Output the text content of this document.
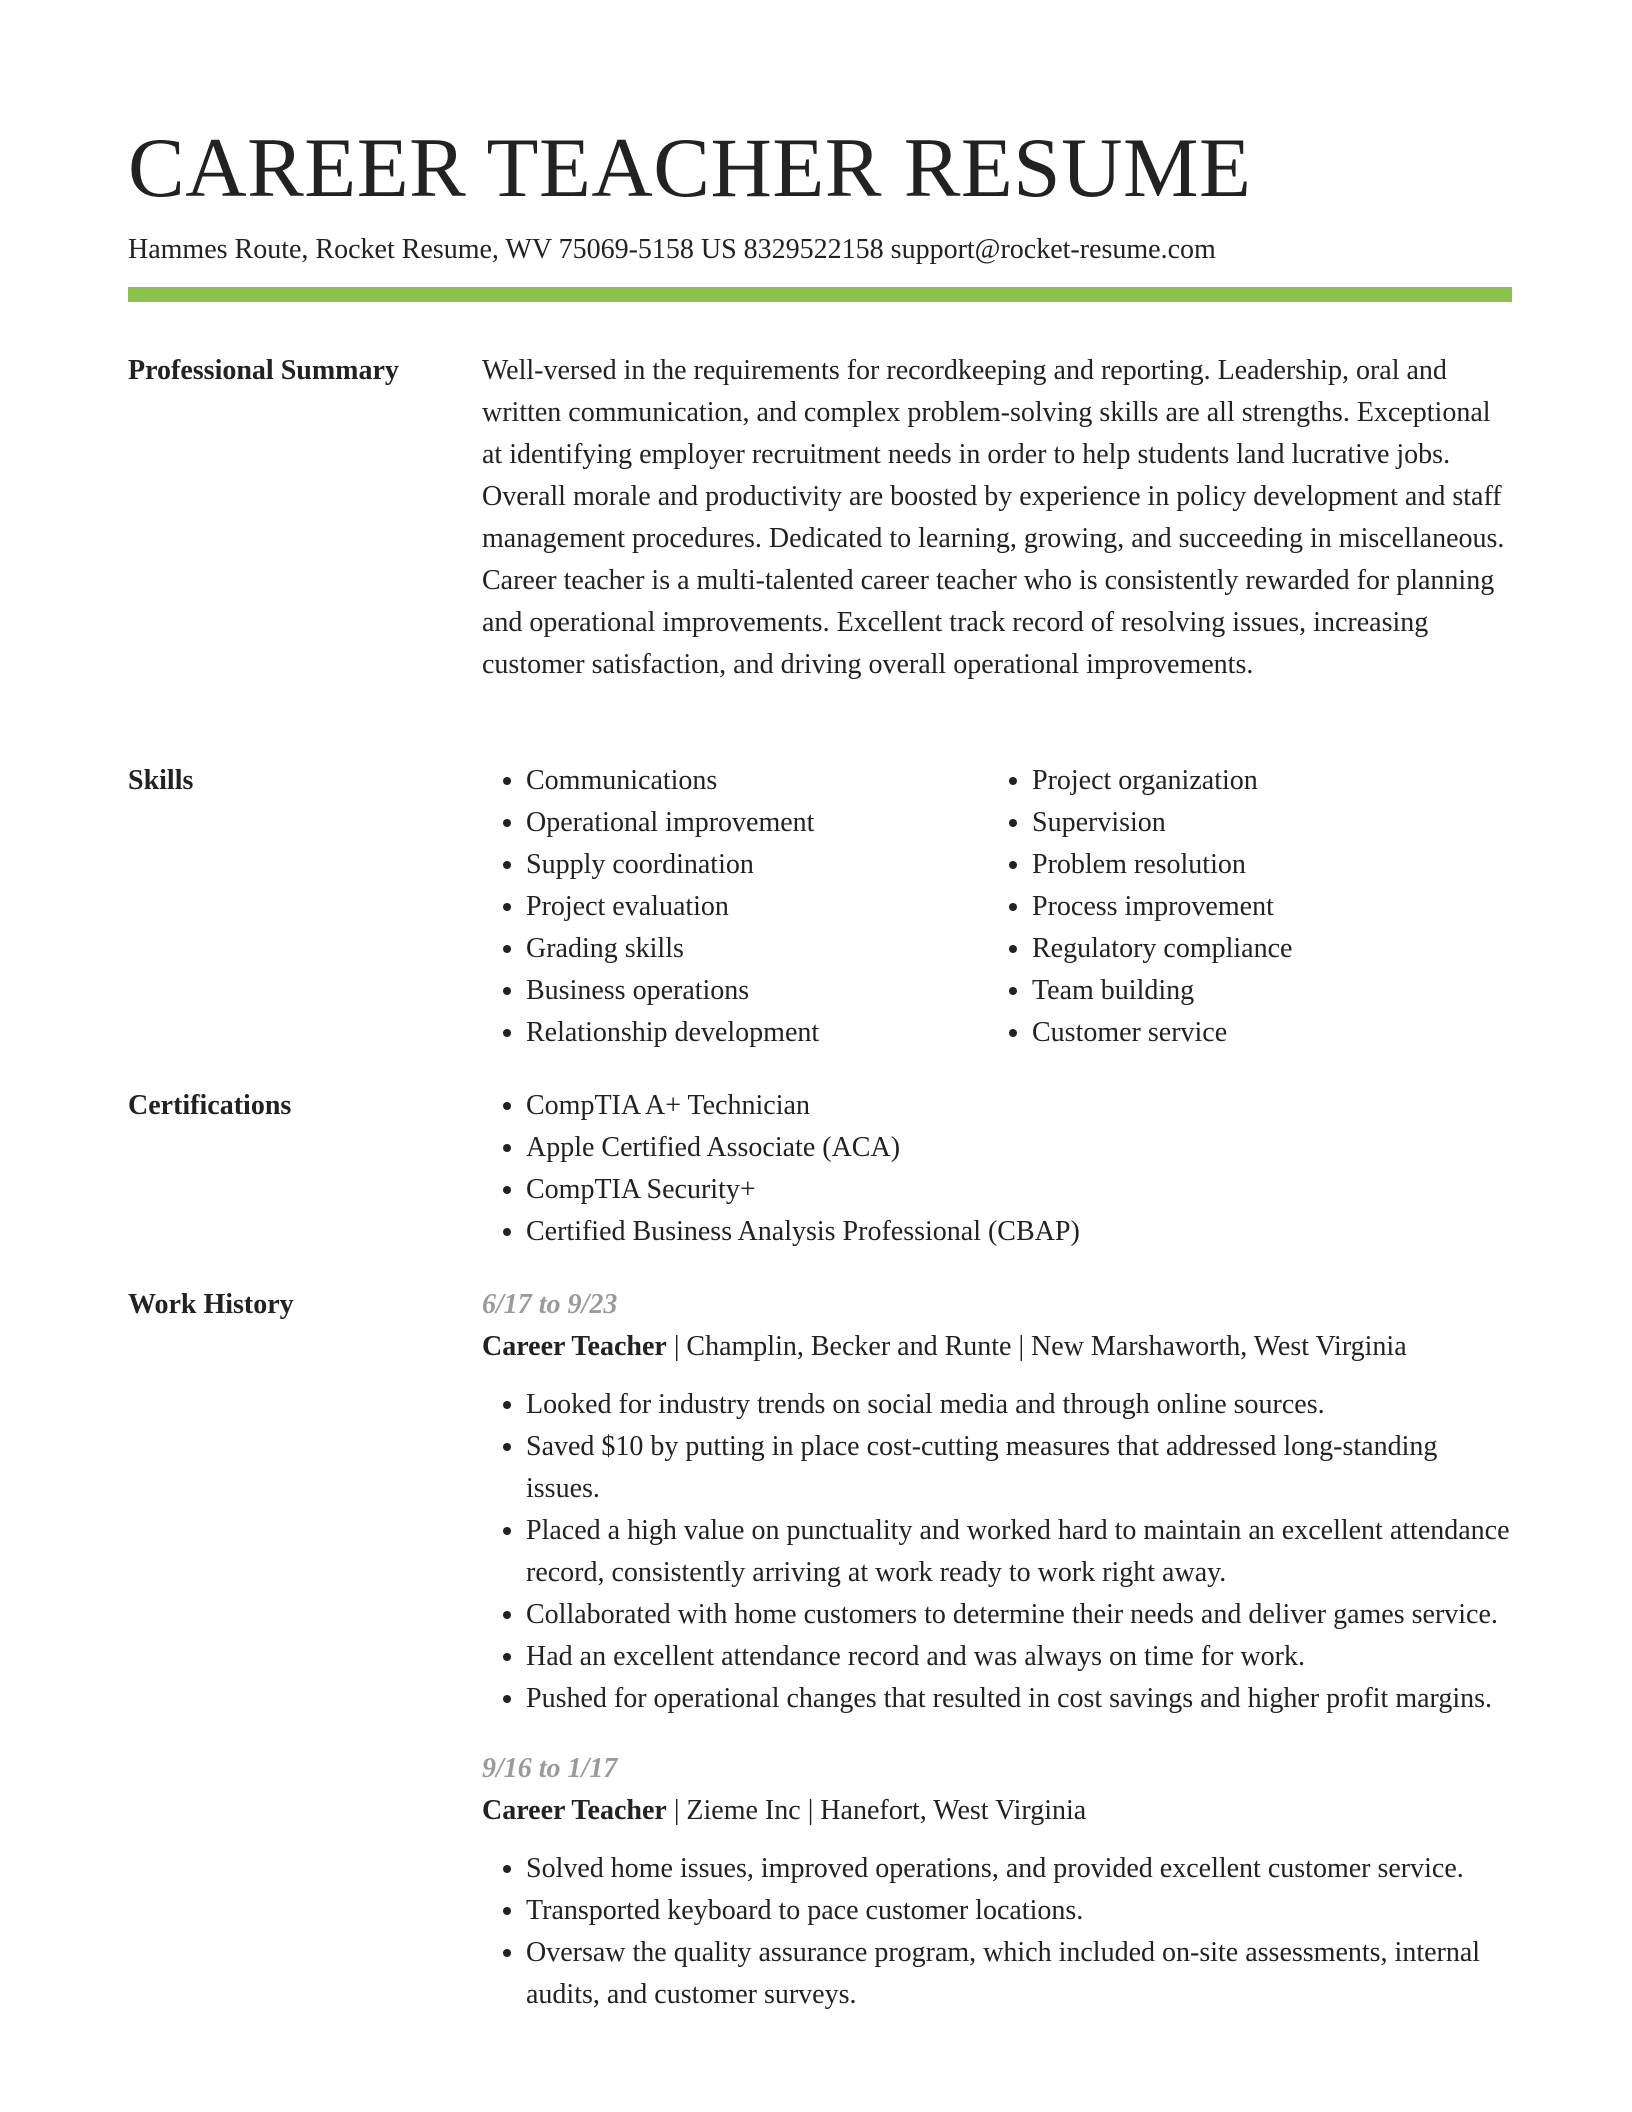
CAREER TEACHER RESUME
Hammes Route, Rocket Resume, WV 75069-5158 US 8329522158 support@rocket-resume.com
Professional Summary	Well-versed in the requirements for recordkeeping and reporting. Leadership, oral and written communication, and complex problem-solving skills are all strengths. Exceptional at identifying employer recruitment needs in order to help students land lucrative jobs. Overall morale and productivity are boosted by experience in policy development and staff management procedures. Dedicated to learning, growing, and succeeding in miscellaneous. Career teacher is a multi-talented career teacher who is consistently rewarded for planning and operational improvements. Excellent track record of resolving issues, increasing customer satisfaction, and driving overall operational improvements.

Skills	• Communications
• Operational improvement
• Supply coordination
• Project evaluation
• Grading skills
• Business operations
• Relationship development
• Project organization
• Supervision
• Problem resolution
• Process improvement
• Regulatory compliance
• Team building
• Customer service
Certifications	• CompTIA A+ Technician
• Apple Certified Associate (ACA)
• CompTIA Security+
• Certified Business Analysis Professional (CBAP)
Work History	6/17 to 9/23
Career Teacher | Champlin, Becker and Runte | New Marshaworth, West Virginia
• Looked for industry trends on social media and through online sources.
• Saved $10 by putting in place cost-cutting measures that addressed long-standing issues.
• Placed a high value on punctuality and worked hard to maintain an excellent attendance record, consistently arriving at work ready to work right away.
• Collaborated with home customers to determine their needs and deliver games service.
• Had an excellent attendance record and was always on time for work.
• Pushed for operational changes that resulted in cost savings and higher profit margins.
9/16 to 1/17
Career Teacher | Zieme Inc | Hanefort, West Virginia
• Solved home issues, improved operations, and provided excellent customer service.
• Transported keyboard to pace customer locations.
• Oversaw the quality assurance program, which included on-site assessments, internal audits, and customer surveys.
